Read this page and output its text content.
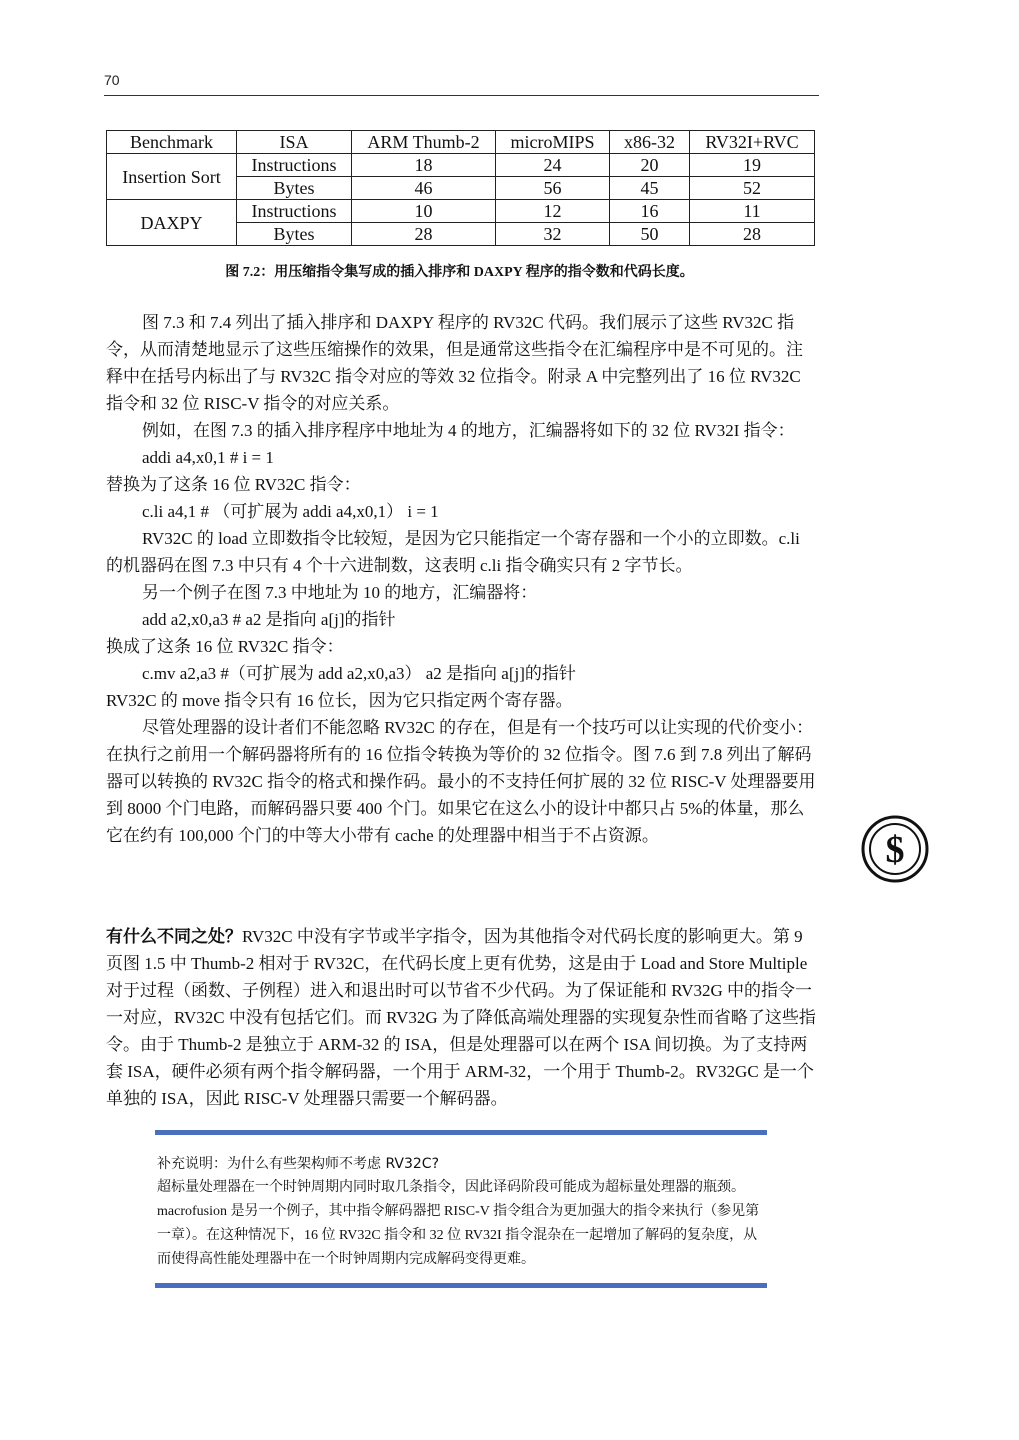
70
Benchmark	ISA	ARM Thumb-2	microMIPS	x86-32	RV32I+RVC
Insertion Sort	Instructions	18	24	20	19
	Bytes	46	56	45	52
DAXPY	Instructions	10	12	16	11
	Bytes	28	32	50	28
图 7.2：用压缩指令集写成的插入排序和 DAXPY 程序的指令数和代码长度。

图 7.3 和 7.4 列出了插入排序和 DAXPY 程序的 RV32C 代码。我们展示了这些 RV32C 指令，从而清楚地显示了这些压缩操作的效果，但是通常这些指令在汇编程序中是不可见的。注释中在括号内标出了与 RV32C 指令对应的等效 32 位指令。附录 A 中完整列出了 16 位 RV32C 指令和 32 位 RISC-V 指令的对应关系。

例如，在图 7.3 的插入排序程序中地址为 4 的地方，汇编器将如下的 32 位 RV32I 指令：

addi a4,x0,1 # i = 1

替换为了这条 16 位 RV32C 指令：

c.li a4,1 # （可扩展为 addi a4,x0,1） i = 1

RV32C 的 load 立即数指令比较短，是因为它只能指定一个寄存器和一个小的立即数。c.li 的机器码在图 7.3 中只有 4 个十六进制数，这表明 c.li 指令确实只有 2 字节长。

另一个例子在图 7.3 中地址为 10 的地方，汇编器将：

add a2,x0,a3 # a2 是指向 a[j]的指针

换成了这条 16 位 RV32C 指令：

c.mv a2,a3 #（可扩展为 add a2,x0,a3） a2 是指向 a[j]的指针

RV32C 的 move 指令只有 16 位长，因为它只指定两个寄存器。

尽管处理器的设计者们不能忽略 RV32C 的存在，但是有一个技巧可以让实现的代价变小：在执行之前用一个解码器将所有的 16 位指令转换为等价的 32 位指令。图 7.6 到 7.8 列出了解码器可以转换的 RV32C 指令的格式和操作码。最小的不支持任何扩展的 32 位 RISC-V 处理器要用到 8000 个门电路，而解码器只要 400 个门。如果它在这么小的设计中都只占 5%的体量，那么它在约有 100,000 个门的中等大小带有 cache 的处理器中相当于不占资源。

有什么不同之处？RV32C 中没有字节或半字指令，因为其他指令对代码长度的影响更大。第 9 页图 1.5 中 Thumb-2 相对于 RV32C，在代码长度上更有优势，这是由于 Load and Store Multiple 对于过程（函数、子例程）进入和退出时可以节省不少代码。为了保证能和 RV32G 中的指令一一对应，RV32C 中没有包括它们。而 RV32G 为了降低高端处理器的实现复杂性而省略了这些指令。由于 Thumb-2 是独立于 ARM-32 的 ISA，但是处理器可以在两个 ISA 间切换。为了支持两套 ISA，硬件必须有两个指令解码器，一个用于 ARM-32，一个用于 Thumb-2。RV32GC 是一个单独的 ISA，因此 RISC-V 处理器只需要一个解码器。

$

补充说明：为什么有些架构师不考虑 RV32C?

超标量处理器在一个时钟周期内同时取几条指令，因此译码阶段可能成为超标量处理器的瓶颈。macrofusion 是另一个例子，其中指令解码器把 RISC-V 指令组合为更加强大的指令来执行（参见第一章）。在这种情况下，16 位 RV32C 指令和 32 位 RV32I 指令混杂在一起增加了解码的复杂度，从而使得高性能处理器中在一个时钟周期内完成解码变得更难。
